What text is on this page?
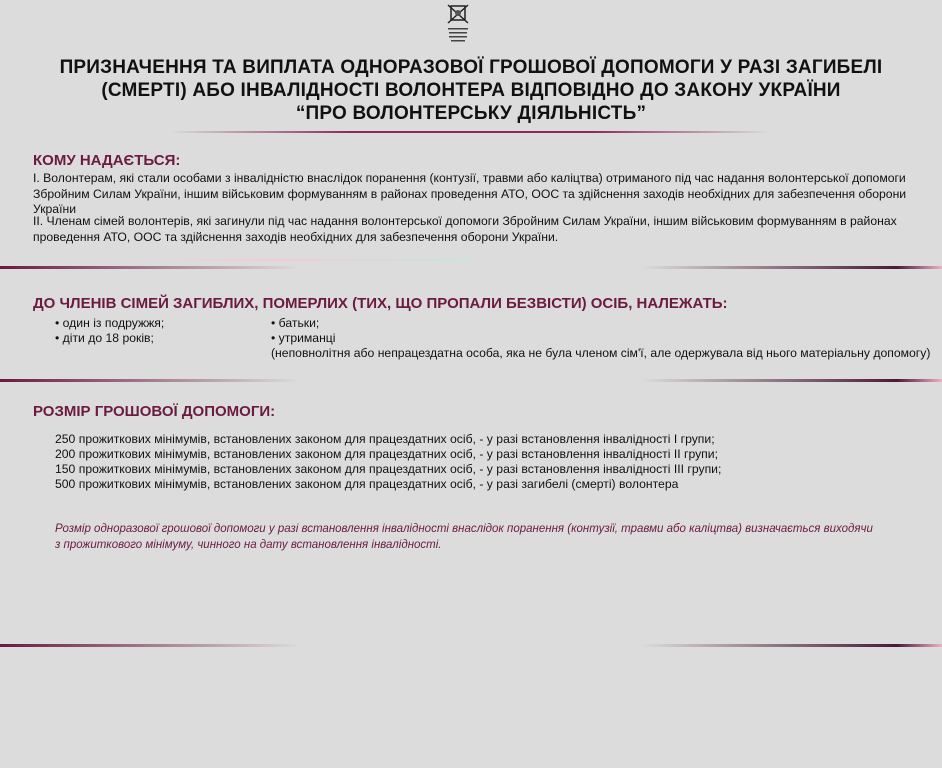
ПРИЗНАЧЕННЯ ТА ВИПЛАТА ОДНОРАЗОВОЇ ГРОШОВОЇ ДОПОМОГИ У РАЗІ ЗАГИБЕЛІ
(СМЕРТІ) АБО ІНВАЛІДНОСТІ ВОЛОНТЕРА ВІДПОВІДНО ДО ЗАКОНУ УКРАЇНИ
“ПРО ВОЛОНТЕРСЬКУ ДІЯЛЬНІСТЬ”
КОМУ НАДАЄТЬСЯ:
I. Волонтерам, які стали особами з інвалідністю внаслідок поранення (контузії, травми або каліцтва) отриманого під час надання волонтерської допомоги Збройним Силам України, іншим військовим формуванням в районах проведення АТО, ООС та здійснення заходів необхідних для забезпечення оборони України
II. Членам сімей волонтерів, які загинули під час надання волонтерської допомоги Збройним Силам України, іншим військовим формуванням в районах проведення АТО, ООС та здійснення заходів необхідних для забезпечення оборони України.
ДО ЧЛЕНІВ СІМЕЙ ЗАГИБЛИХ, ПОМЕРЛИХ (ТИХ, ЩО ПРОПАЛИ БЕЗВІСТИ) ОСІБ, НАЛЕЖАТЬ:
• один із подружжя;
• діти до 18 років;
• батьки;
• утриманці
(неповнолітня або непрацездатна особа, яка не була членом сім'ї, але одержувала від нього матеріальну допомогу)
РОЗМІР ГРОШОВОЇ ДОПОМОГИ:
250 прожиткових мінімумів, встановлених законом для працездатних осіб, - у разі встановлення інвалідності I групи;
200 прожиткових мінімумів, встановлених законом для працездатних осіб, - у разі встановлення інвалідності II групи;
150 прожиткових мінімумів, встановлених законом для працездатних осіб, - у разі встановлення інвалідності III групи;
500 прожиткових мінімумів, встановлених законом для працездатних осіб, - у разі загибелі (смерті) волонтера
Розмір одноразової грошової допомоги у разі встановлення інвалідності внаслідок поранення (контузії, травми або каліцтва) визначається виходячи
з прожиткового мінімуму, чинного на дату встановлення інвалідності.
